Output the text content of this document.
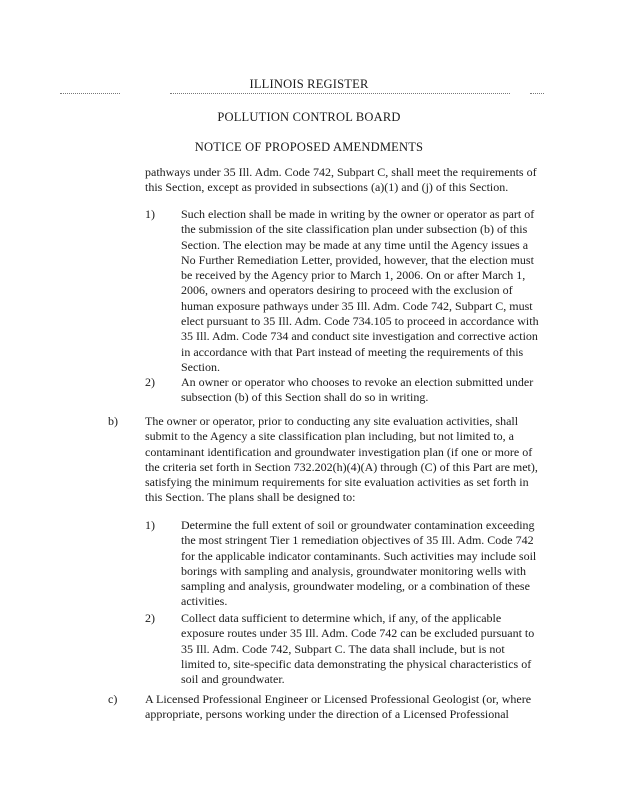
ILLINOIS REGISTER
POLLUTION CONTROL BOARD
NOTICE OF PROPOSED AMENDMENTS
pathways under 35 Ill. Adm. Code 742, Subpart C, shall meet the requirements of
this Section, except as provided in subsections (a)(1) and (j) of this Section.
1) Such election shall be made in writing by the owner or operator as part of
the submission of the site classification plan under subsection (b) of this
Section. The election may be made at any time until the Agency issues a
No Further Remediation Letter, provided, however, that the election must
be received by the Agency prior to March 1, 2006. On or after March 1,
2006, owners and operators desiring to proceed with the exclusion of
human exposure pathways under 35 Ill. Adm. Code 742, Subpart C, must
elect pursuant to 35 Ill. Adm. Code 734.105 to proceed in accordance with
35 Ill. Adm. Code 734 and conduct site investigation and corrective action
in accordance with that Part instead of meeting the requirements of this
Section.
2) An owner or operator who chooses to revoke an election submitted under
subsection (b) of this Section shall do so in writing.
b) The owner or operator, prior to conducting any site evaluation activities, shall
submit to the Agency a site classification plan including, but not limited to, a
contaminant identification and groundwater investigation plan (if one or more of
the criteria set forth in Section 732.202(h)(4)(A) through (C) of this Part are met),
satisfying the minimum requirements for site evaluation activities as set forth in
this Section. The plans shall be designed to:
1) Determine the full extent of soil or groundwater contamination exceeding
the most stringent Tier 1 remediation objectives of 35 Ill. Adm. Code 742
for the applicable indicator contaminants. Such activities may include soil
borings with sampling and analysis, groundwater monitoring wells with
sampling and analysis, groundwater modeling, or a combination of these
activities.
2) Collect data sufficient to determine which, if any, of the applicable
exposure routes under 35 Ill. Adm. Code 742 can be excluded pursuant to
35 Ill. Adm. Code 742, Subpart C. The data shall include, but is not
limited to, site-specific data demonstrating the physical characteristics of
soil and groundwater.
c) A Licensed Professional Engineer or Licensed Professional Geologist (or, where
appropriate, persons working under the direction of a Licensed Professional
